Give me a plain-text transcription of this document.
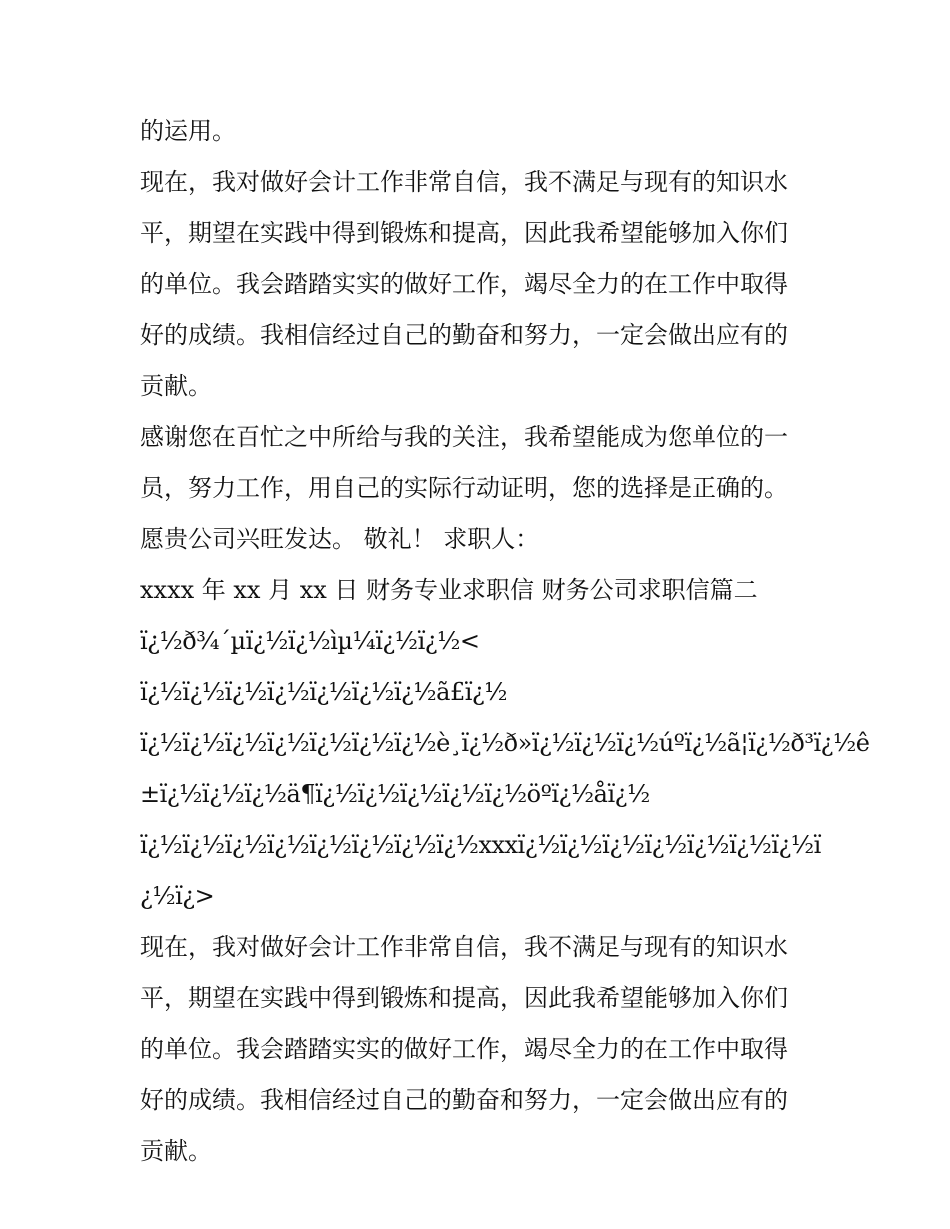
的运用。
现在，我对做好会计工作非常自信，我不满足与现有的知识水
平，期望在实践中得到锻炼和提高，因此我希望能够加入你们
的单位。我会踏踏实实的做好工作，竭尽全力的在工作中取得
好的成绩。我相信经过自己的勤奋和努力，一定会做出应有的
贡献。
感谢您在百忙之中所给与我的关注，我希望能成为您单位的一
员，努力工作，用自己的实际行动证明，您的选择是正确的。
愿贵公司兴旺发达。 敬礼！ 求职人：
xxxx 年 xx 月 xx 日 财务专业求职信 财务公司求职信篇二
ï¿½ð¾´µï¿½ï¿½ìµ¼ï¿½ï¿½<
ï¿½ï¿½ï¿½ï¿½ï¿½ï¿½ï¿½ã£ï¿½
ï¿½ï¿½ï¿½ï¿½ï¿½ï¿½ï¿½è¸ï¿½ð»ï¿½ï¿½ï¿½úºï¿½ã¦ï¿½ð³ï¿½ê
±ï¿½ï¿½ï¿½ä¶ï¿½ï¿½ï¿½ï¿½ï¿½öºï¿½åï¿½
ï¿½ï¿½ï¿½ï¿½ï¿½ï¿½ï¿½ï¿½xxxï¿½ï¿½ï¿½ï¿½ï¿½ï¿½ï¿½ï
¿½ï¿>
现在，我对做好会计工作非常自信，我不满足与现有的知识水
平，期望在实践中得到锻炼和提高，因此我希望能够加入你们
的单位。我会踏踏实实的做好工作，竭尽全力的在工作中取得
好的成绩。我相信经过自己的勤奋和努力，一定会做出应有的
贡献。
